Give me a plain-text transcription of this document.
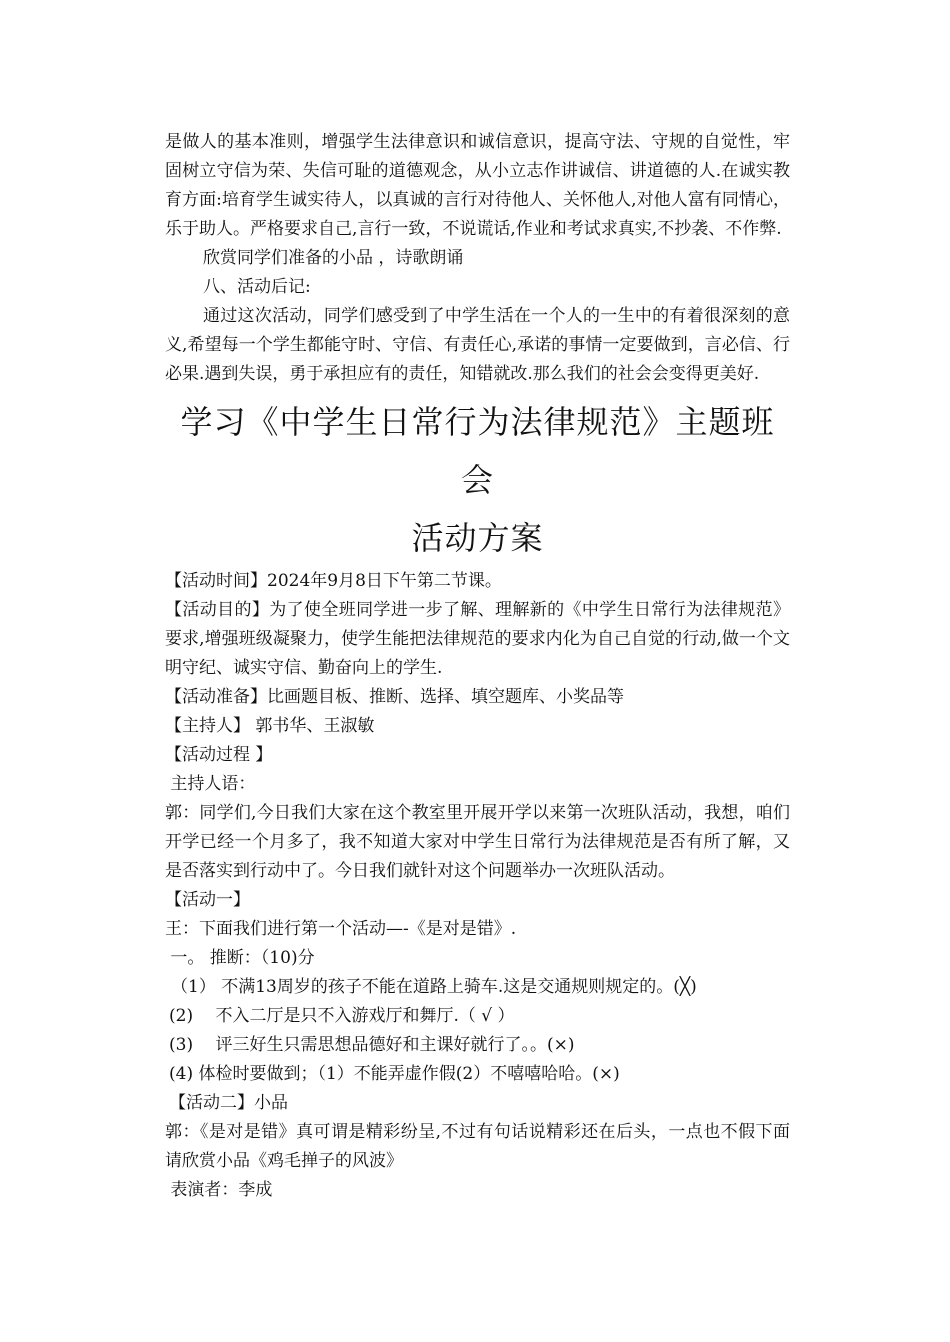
是做人的基本准则，增强学生法律意识和诚信意识，提高守法、守规的自觉性，牢固树立守信为荣、失信可耻的道德观念，从小立志作讲诚信、讲道德的人.在诚实教育方面:培育学生诚实待人，以真诚的言行对待他人、关怀他人,对他人富有同情心，乐于助人。严格要求自己,言行一致，不说谎话,作业和考试求真实,不抄袭、不作弊.

欣赏同学们准备的小品 ，诗歌朗诵

八、活动后记:

通过这次活动，同学们感受到了中学生活在一个人的一生中的有着很深刻的意义,希望每一个学生都能守时、守信、有责任心,承诺的事情一定要做到，言必信、行必果.遇到失误，勇于承担应有的责任，知错就改.那么我们的社会会变得更美好.

学习《中学生日常行为法律规范》主题班会
活动方案

【活动时间】2024年9月8日下午第二节课。

【活动目的】为了使全班同学进一步了解、理解新的《中学生日常行为法律规范》要求,增强班级凝聚力，使学生能把法律规范的要求内化为自己自觉的行动,做一个文明守纪、诚实守信、勤奋向上的学生.

【活动准备】比画题目板、推断、选择、填空题库、小奖品等

【主持人】 郭书华、王淑敏

【活动过程 】

主持人语：

郭：同学们,今日我们大家在这个教室里开展开学以来第一次班队活动，我想，咱们开学已经一个月多了，我不知道大家对中学生日常行为法律规范是否有所了解，又是否落实到行动中了。今日我们就针对这个问题举办一次班队活动。

【活动一】

王：下面我们进行第一个活动—-《是对是错》.

一。 推断：（10)分

（1） 不满13周岁的孩子不能在道路上骑车.这是交通规则规定的。(╳)

(2)　 不入二厅是只不入游戏厅和舞厅.（ √ ）

(3)　 评三好生只需思想品德好和主课好就行了。。(×)

(4) 体检时要做到；（1）不能弄虚作假(2）不嘻嘻哈哈。(×)

【活动二】小品

郭：《是对是错》真可谓是精彩纷呈,不过有句话说精彩还在后头，一点也不假下面请欣赏小品《鸡毛掸子的风波》

表演者：李成
